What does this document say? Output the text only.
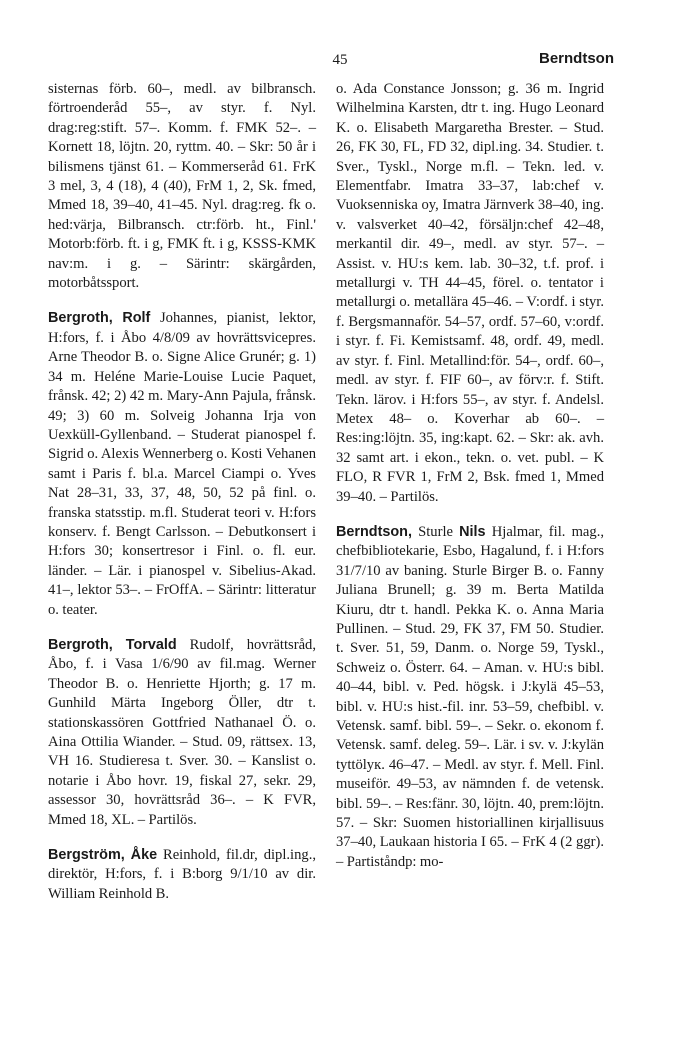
45	Berndtson

sisternas förb. 60–, medl. av bilbransch. förtroenderåd 55–, av styr. f. Nyl. drag:reg:stift. 57–. Komm. f. FMK 52–. – Kornett 18, löjtn. 20, ryttm. 40. – Skr: 50 år i bilismens tjänst 61. – Kommerseråd 61. FrK 3 mel, 3, 4 (18), 4 (40), FrM 1, 2, Sk. fmed, Mmed 18, 39–40, 41–45. Nyl. drag:reg. fk o. hed:värja, Bilbransch. ctr:förb. ht., Finl.' Motorb:förb. ft. i g, FMK ft. i g, KSSS-KMK nav:m. i g. – Särintr: skärgården, motorbåtssport.

Bergroth, Rolf Johannes, pianist, lektor, H:fors, f. i Åbo 4/8/09 av hovrättsvicepres. Arne Theodor B. o. Signe Alice Grunér; g. 1) 34 m. Heléne Marie-Louise Lucie Paquet, frånsk. 42; 2) 42 m. Mary-Ann Pajula, frånsk. 49; 3) 60 m. Solveig Johanna Irja von Uexküll-Gyllenband. – Studerat pianospel f. Sigrid o. Alexis Wennerberg o. Kosti Vehanen samt i Paris f. bl.a. Marcel Ciampi o. Yves Nat 28–31, 33, 37, 48, 50, 52 på finl. o. franska statsstip. m.fl. Studerat teori v. H:fors konserv. f. Bengt Carlsson. – Debutkonsert i H:fors 30; konsertresor i Finl. o. fl. eur. länder. – Lär. i pianospel v. Sibelius-Akad. 41–, lektor 53–. – FrOffA. – Särintr: litteratur o. teater.

Bergroth, Torvald Rudolf, hovrättsråd, Åbo, f. i Vasa 1/6/90 av fil.mag. Werner Theodor B. o. Henriette Hjorth; g. 17 m. Gunhild Märta Ingeborg Öller, dtr t. stationskassören Gottfried Nathanael Ö. o. Aina Ottilia Wiander. – Stud. 09, rättsex. 13, VH 16. Studieresa t. Sver. 30. – Kanslist o. notarie i Åbo hovr. 19, fiskal 27, sekr. 29, assessor 30, hovrättsråd 36–. – K FVR, Mmed 18, XL. – Partilös.

Bergström, Åke Reinhold, fil.dr, dipl.ing., direktör, H:fors, f. i B:borg 9/1/10 av dir. William Reinhold B.

o. Ada Constance Jonsson; g. 36 m. Ingrid Wilhelmina Karsten, dtr t. ing. Hugo Leonard K. o. Elisabeth Margaretha Brester. – Stud. 26, FK 30, FL, FD 32, dipl.ing. 34. Studier. t. Sver., Tyskl., Norge m.fl. – Tekn. led. v. Elementfabr. Imatra 33–37, lab:chef v. Vuoksenniska oy, Imatra Järnverk 38–40, ing. v. valsverket 40–42, försäljn:chef 42–48, merkantil dir. 49–, medl. av styr. 57–. – Assist. v. HU:s kem. lab. 30–32, t.f. prof. i metallurgi v. TH 44–45, förel. o. tentator i metallurgi o. metallära 45–46. – V:ordf. i styr. f. Bergsmannaför. 54–57, ordf. 57–60, v:ordf. i styr. f. Fi. Kemistsamf. 48, ordf. 49, medl. av styr. f. Finl. Metallind:för. 54–, ordf. 60–, medl. av styr. f. FIF 60–, av förv:r. f. Stift. Tekn. lärov. i H:fors 55–, av styr. f. Andelsl. Metex 48– o. Koverhar ab 60–. – Res:ing:löjtn. 35, ing:kapt. 62. – Skr: ak. avh. 32 samt art. i ekon., tekn. o. vet. publ. – K FLO, R FVR 1, FrM 2, Bsk. fmed 1, Mmed 39–40. – Partilös.

Berndtson, Sturle Nils Hjalmar, fil. mag., chefbibliotekarie, Esbo, Hagalund, f. i H:fors 31/7/10 av baning. Sturle Birger B. o. Fanny Juliana Brunell; g. 39 m. Berta Matilda Kiuru, dtr t. handl. Pekka K. o. Anna Maria Pullinen. – Stud. 29, FK 37, FM 50. Studier. t. Sver. 51, 59, Danm. o. Norge 59, Tyskl., Schweiz o. Österr. 64. – Aman. v. HU:s bibl. 40–44, bibl. v. Ped. högsk. i J:kylä 45–53, bibl. v. HU:s hist.-fil. inr. 53–59, chefbibl. v. Vetensk. samf. bibl. 59–. – Sekr. o. ekonom f. Vetensk. samf. deleg. 59–. Lär. i sv. v. J:kylän tyttölук. 46–47. – Medl. av styr. f. Mell. Finl. museiför. 49–53, av nämnden f. de vetensk. bibl. 59–. – Res:fänr. 30, löjtn. 40, prem:löjtn. 57. – Skr: Suomen historiallinen kirjallisuus 37–40, Laukaan historia I 65. – FrK 4 (2 ggr). – Partiståndp: mo-
